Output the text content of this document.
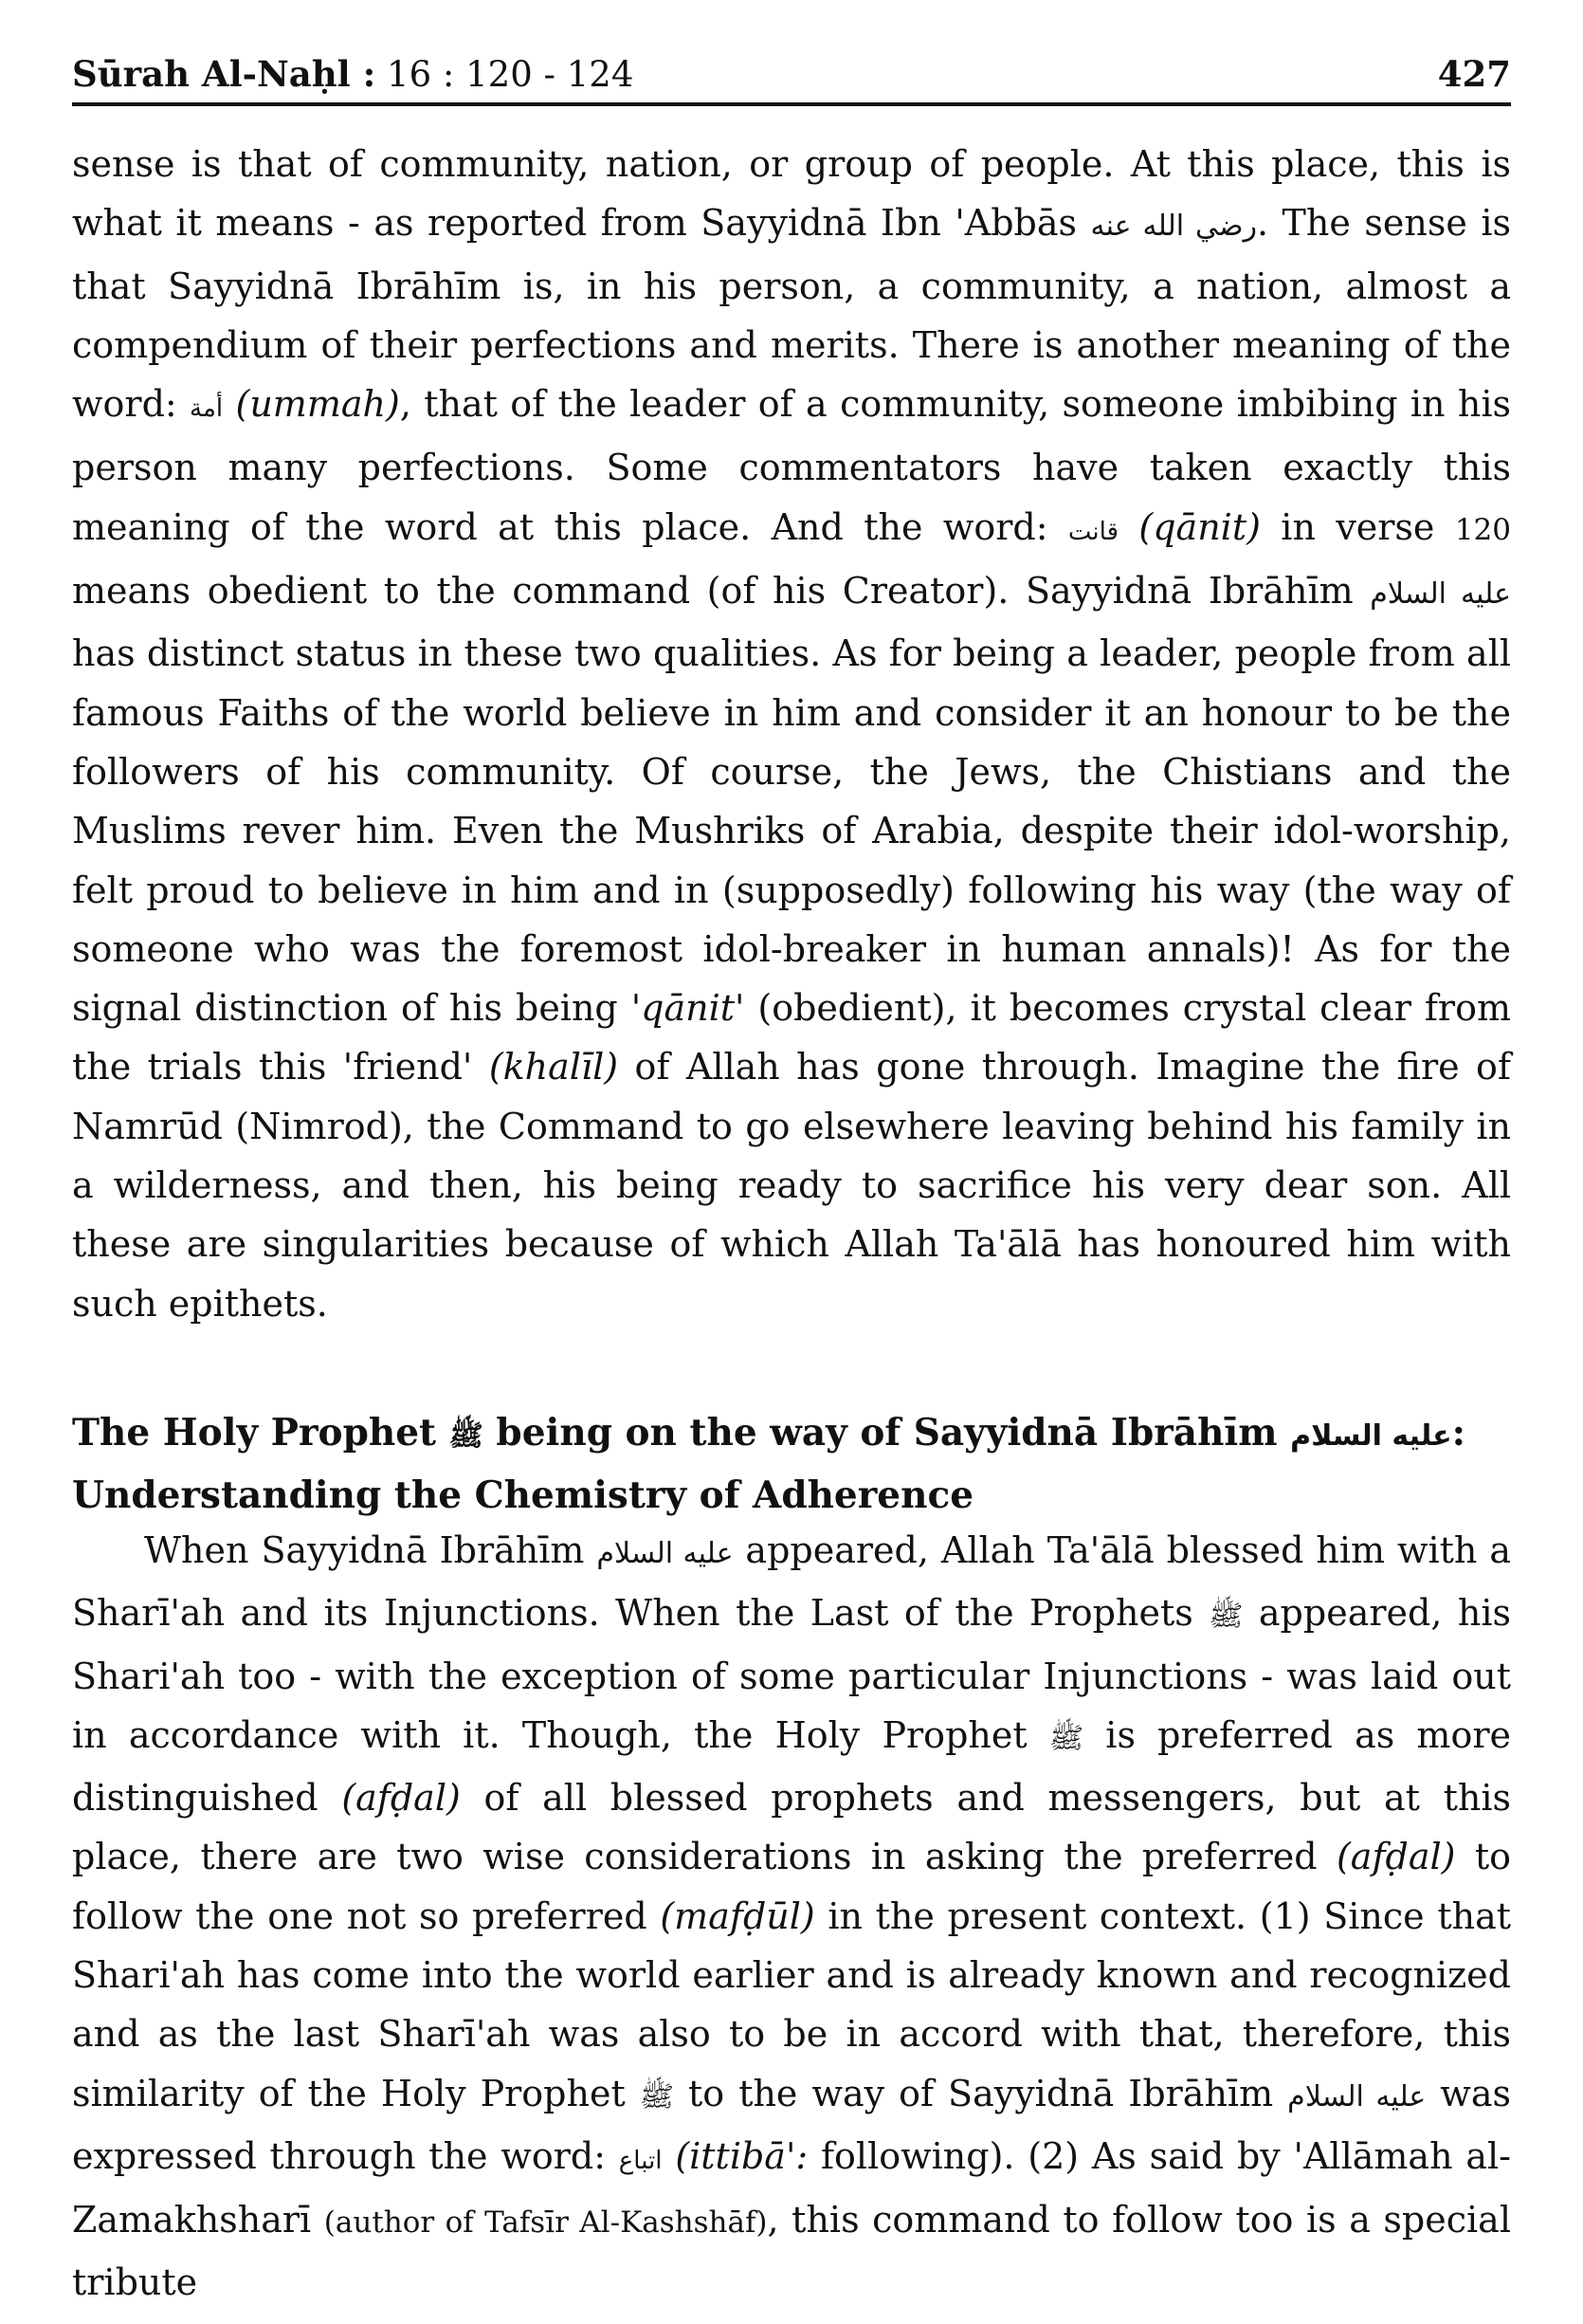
Sūrah Al-Naḥl : 16 : 120 - 124	427

sense is that of community, nation, or group of people. At this place, this is what it means - as reported from Sayyidnā Ibn 'Abbās رضي الله عنه. The sense is that Sayyidnā Ibrāhīm is, in his person, a community, a nation, almost a compendium of their perfections and merits. There is another meaning of the word: أمة (ummah), that of the leader of a community, someone imbibing in his person many perfections. Some commentators have taken exactly this meaning of the word at this place. And the word: قانت (qānit) in verse 120 means obedient to the command (of his Creator). Sayyidnā Ibrāhīm عليه السلام has distinct status in these two qualities. As for being a leader, people from all famous Faiths of the world believe in him and consider it an honour to be the followers of his community. Of course, the Jews, the Chistians and the Muslims rever him. Even the Mushriks of Arabia, despite their idol-worship, felt proud to believe in him and in (supposedly) following his way (the way of someone who was the foremost idol-breaker in human annals)! As for the signal distinction of his being 'qānit' (obedient), it becomes crystal clear from the trials this 'friend' (khalīl) of Allah has gone through. Imagine the fire of Namrūd (Nimrod), the Command to go elsewhere leaving behind his family in a wilderness, and then, his being ready to sacrifice his very dear son. All these are singularities because of which Allah Ta'ālā has honoured him with such epithets.

The Holy Prophet ﷺ being on the way of Sayyidnā Ibrāhīm عليه السلام:
Understanding the Chemistry of Adherence

When Sayyidnā Ibrāhīm عليه السلام appeared, Allah Ta'ālā blessed him with a Sharī'ah and its Injunctions. When the Last of the Prophets ﷺ appeared, his Shari'ah too - with the exception of some particular Injunctions - was laid out in accordance with it. Though, the Holy Prophet ﷺ is preferred as more distinguished (afḍal) of all blessed prophets and messengers, but at this place, there are two wise considerations in asking the preferred (afḍal) to follow the one not so preferred (mafḍūl) in the present context. (1) Since that Shari'ah has come into the world earlier and is already known and recognized and as the last Sharī'ah was also to be in accord with that, therefore, this similarity of the Holy Prophet ﷺ to the way of Sayyidnā Ibrāhīm عليه السلام was expressed through the word: اتباع (ittibā': following). (2) As said by 'Allāmah al-Zamakhsharī (author of Tafsīr Al-Kashshāf), this command to follow too is a special tribute
